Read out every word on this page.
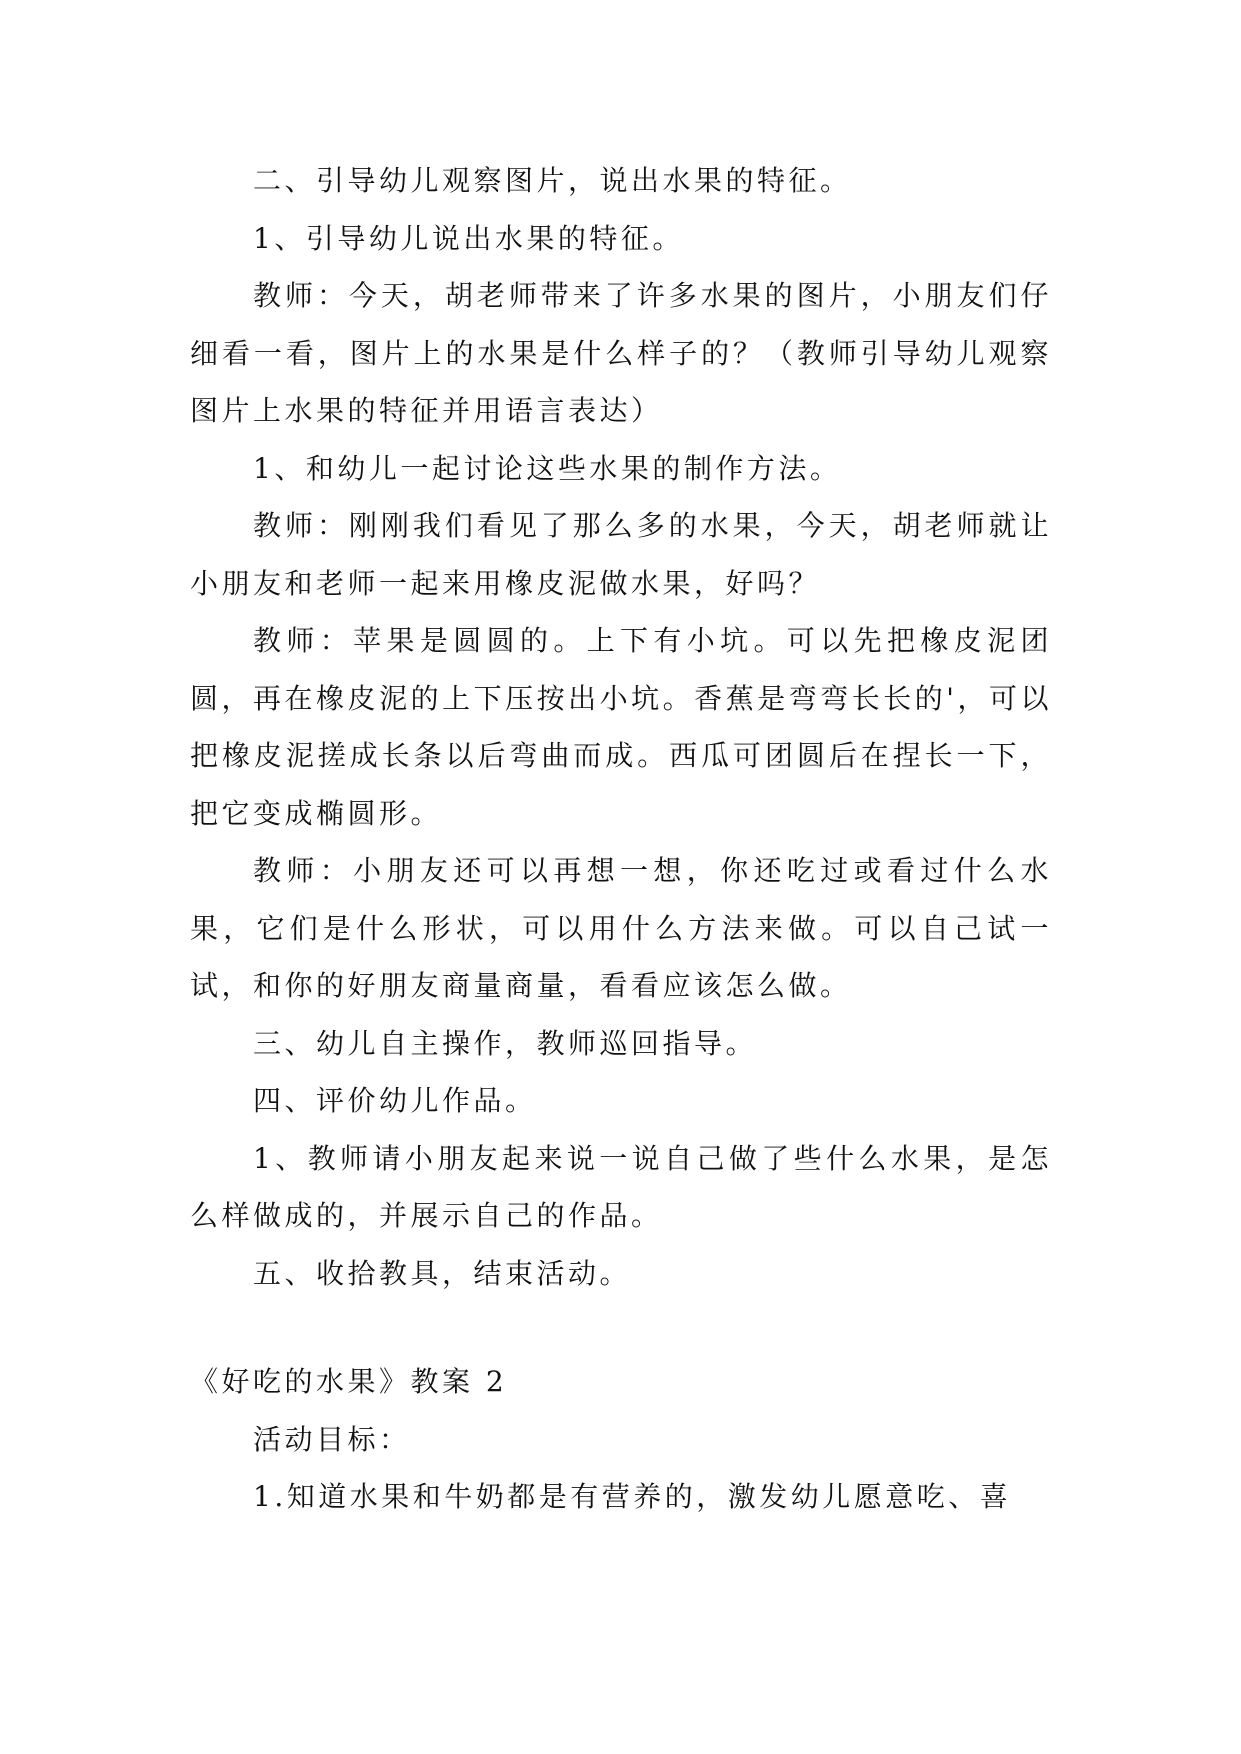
二、引导幼儿观察图片，说出水果的特征。

1、引导幼儿说出水果的特征。

教师：今天，胡老师带来了许多水果的图片，小朋友们仔细看一看，图片上的水果是什么样子的？（教师引导幼儿观察图片上水果的特征并用语言表达）

1、和幼儿一起讨论这些水果的制作方法。

教师：刚刚我们看见了那么多的水果，今天，胡老师就让小朋友和老师一起来用橡皮泥做水果，好吗？

教师：苹果是圆圆的。上下有小坑。可以先把橡皮泥团圆，再在橡皮泥的上下压按出小坑。香蕉是弯弯长长的'，可以把橡皮泥搓成长条以后弯曲而成。西瓜可团圆后在捏长一下，把它变成椭圆形。

教师：小朋友还可以再想一想，你还吃过或看过什么水果，它们是什么形状，可以用什么方法来做。可以自己试一试，和你的好朋友商量商量，看看应该怎么做。

三、幼儿自主操作，教师巡回指导。

四、评价幼儿作品。

1、教师请小朋友起来说一说自己做了些什么水果，是怎么样做成的，并展示自己的作品。

五、收拾教具，结束活动。

《好吃的水果》教案 2

活动目标：

1.知道水果和牛奶都是有营养的，激发幼儿愿意吃、喜
